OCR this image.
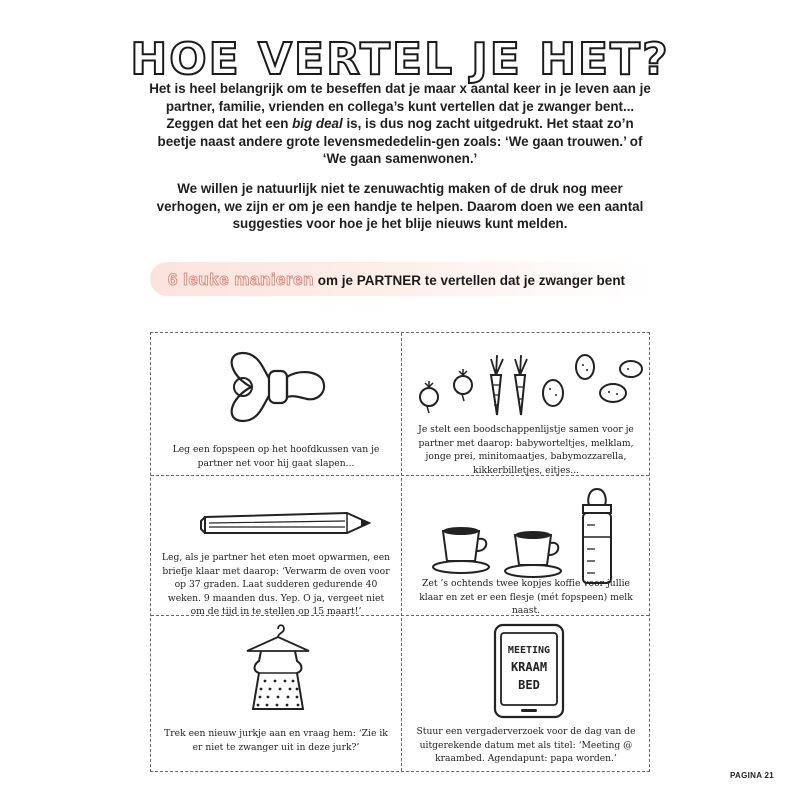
HOE VERTEL JE HET?
Het is heel belangrijk om te beseffen dat je maar x aantal keer in je leven aan je partner, familie, vrienden en collega’s kunt vertellen dat je zwanger bent... Zeggen dat het een big deal is, is dus nog zacht uitgedrukt. Het staat zo’n beetje naast andere grote levensmededelin-gen zoals: ‘We gaan trouwen.’ of ‘We gaan samenwonen.’
We willen je natuurlijk niet te zenuwachtig maken of de druk nog meer verhogen, we zijn er om je een handje te helpen. Daarom doen we een aantal suggesties voor hoe je het blije nieuws kunt melden.
6 leuke manieren om je PARTNER te vertellen dat je zwanger bent
Leg een fopspeen op het hoofdkussen van je partner net voor hij gaat slapen...
Je stelt een boodschappenlijstje samen voor je partner met daarop: babyworteltjes, melklam, jonge prei, minitomaatjes, babymozzarella, kikkerbilletjes, eitjes...
Leg, als je partner het eten moet opwarmen, een briefje klaar met daarop: ‘Verwarm de oven voor op 37 graden. Laat sudderen gedurende 40 weken. 9 maanden dus. Yep. O ja, vergeet niet om de tijd in te stellen op 15 maart!’
Zet ’s ochtends twee kopjes koffie voor jullie klaar en zet er een flesje (mét fopspeen) melk naast.
Trek een nieuw jurkje aan en vraag hem: ‘Zie ik er niet te zwanger uit in deze jurk?’
MEETING
KRAAM
BED
Stuur een vergaderverzoek voor de dag van de uitgerekende datum met als titel: ‘Meeting @ kraambed. Agendapunt: papa worden.’
PAGINA 21
